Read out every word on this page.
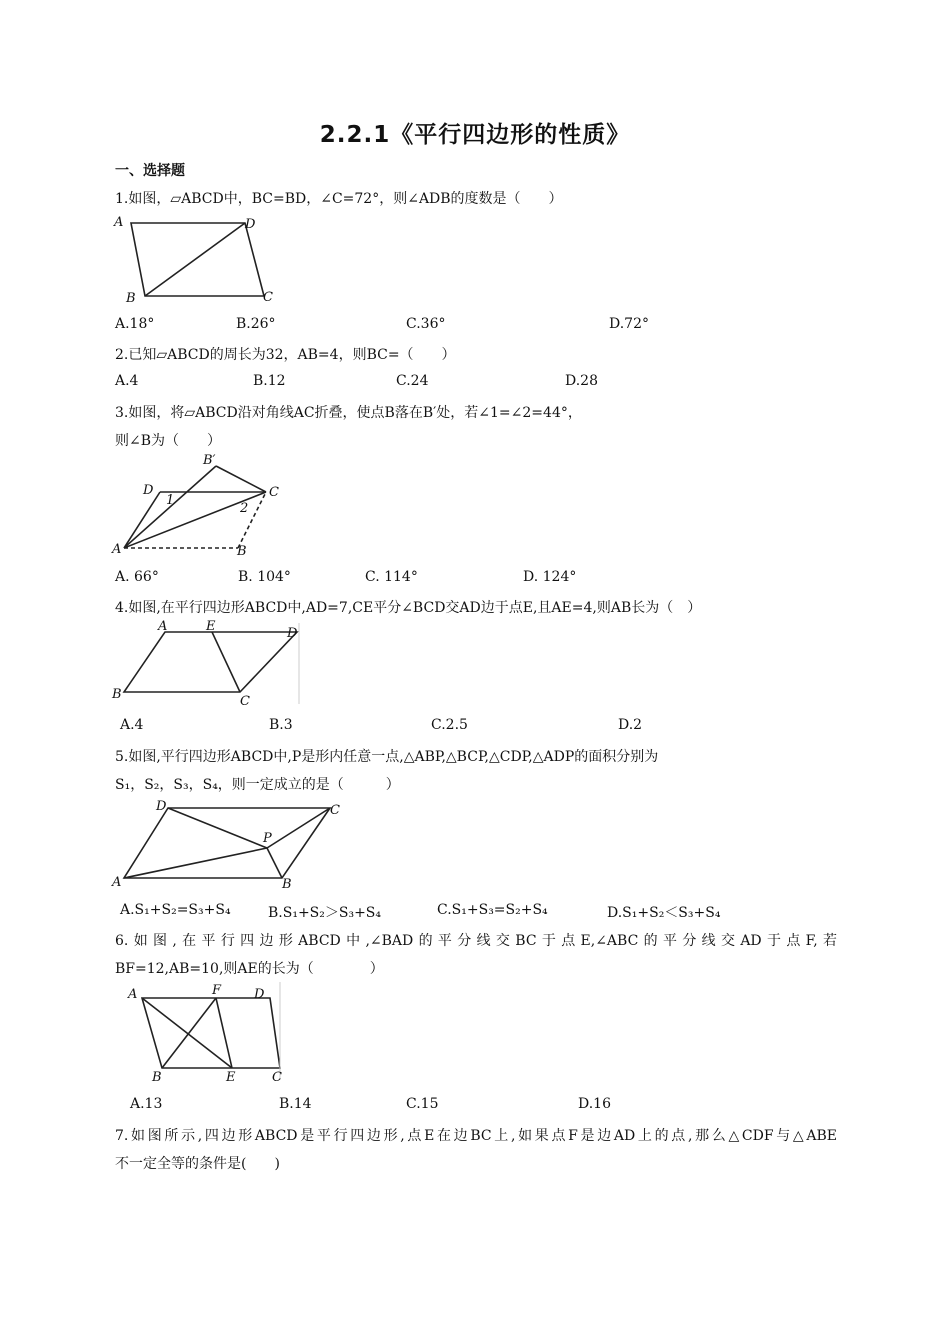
2.2.1《平行四边形的性质》
一、选择题
1.如图，▱ABCD中，BC=BD，∠C=72°，则∠ADB的度数是（　　）
A	D
B	C
A.18°	B.26°	C.36°	D.72°
2.已知▱ABCD的周长为32，AB=4，则BC=（　　）
A.4	B.12	C.24	D.28
3.如图，将▱ABCD沿对角线AC折叠，使点B落在B′处，若∠1=∠2=44°，
则∠B为（　　）
D
B′
C
A	B
1
2
A. 66°	B. 104°	C. 114°	D. 124°
4.如图,在平行四边形ABCD中,AD=7,CE平分∠BCD交AD边于点E,且AE=4,则AB长为（　）
A	E	D
B	C
A.4	B.3	C.2.5	D.2
5.如图,平行四边形ABCD中,P是形内任意一点,△ABP,△BCP,△CDP,△ADP的面积分别为
S₁，S₂，S₃，S₄，则一定成立的是（　　　）
D	C
P
A	B
A.S₁+S₂=S₃+S₄	B.S₁+S₂＞S₃+S₄	C.S₁+S₃=S₂+S₄	D.S₁+S₂＜S₃+S₄
6.如图,在平行四边形ABCD中,∠BAD的平分线交BC于点E,∠ABC的平分线交AD于点F,若
BF=12,AB=10,则AE的长为（　　　　）
A	F	D
B	E	C
A.13	B.14	C.15	D.16
7.如图所示,四边形ABCD是平行四边形,点E在边BC上,如果点F是边AD上的点,那么△CDF与△ABE
不一定全等的条件是(　　)
